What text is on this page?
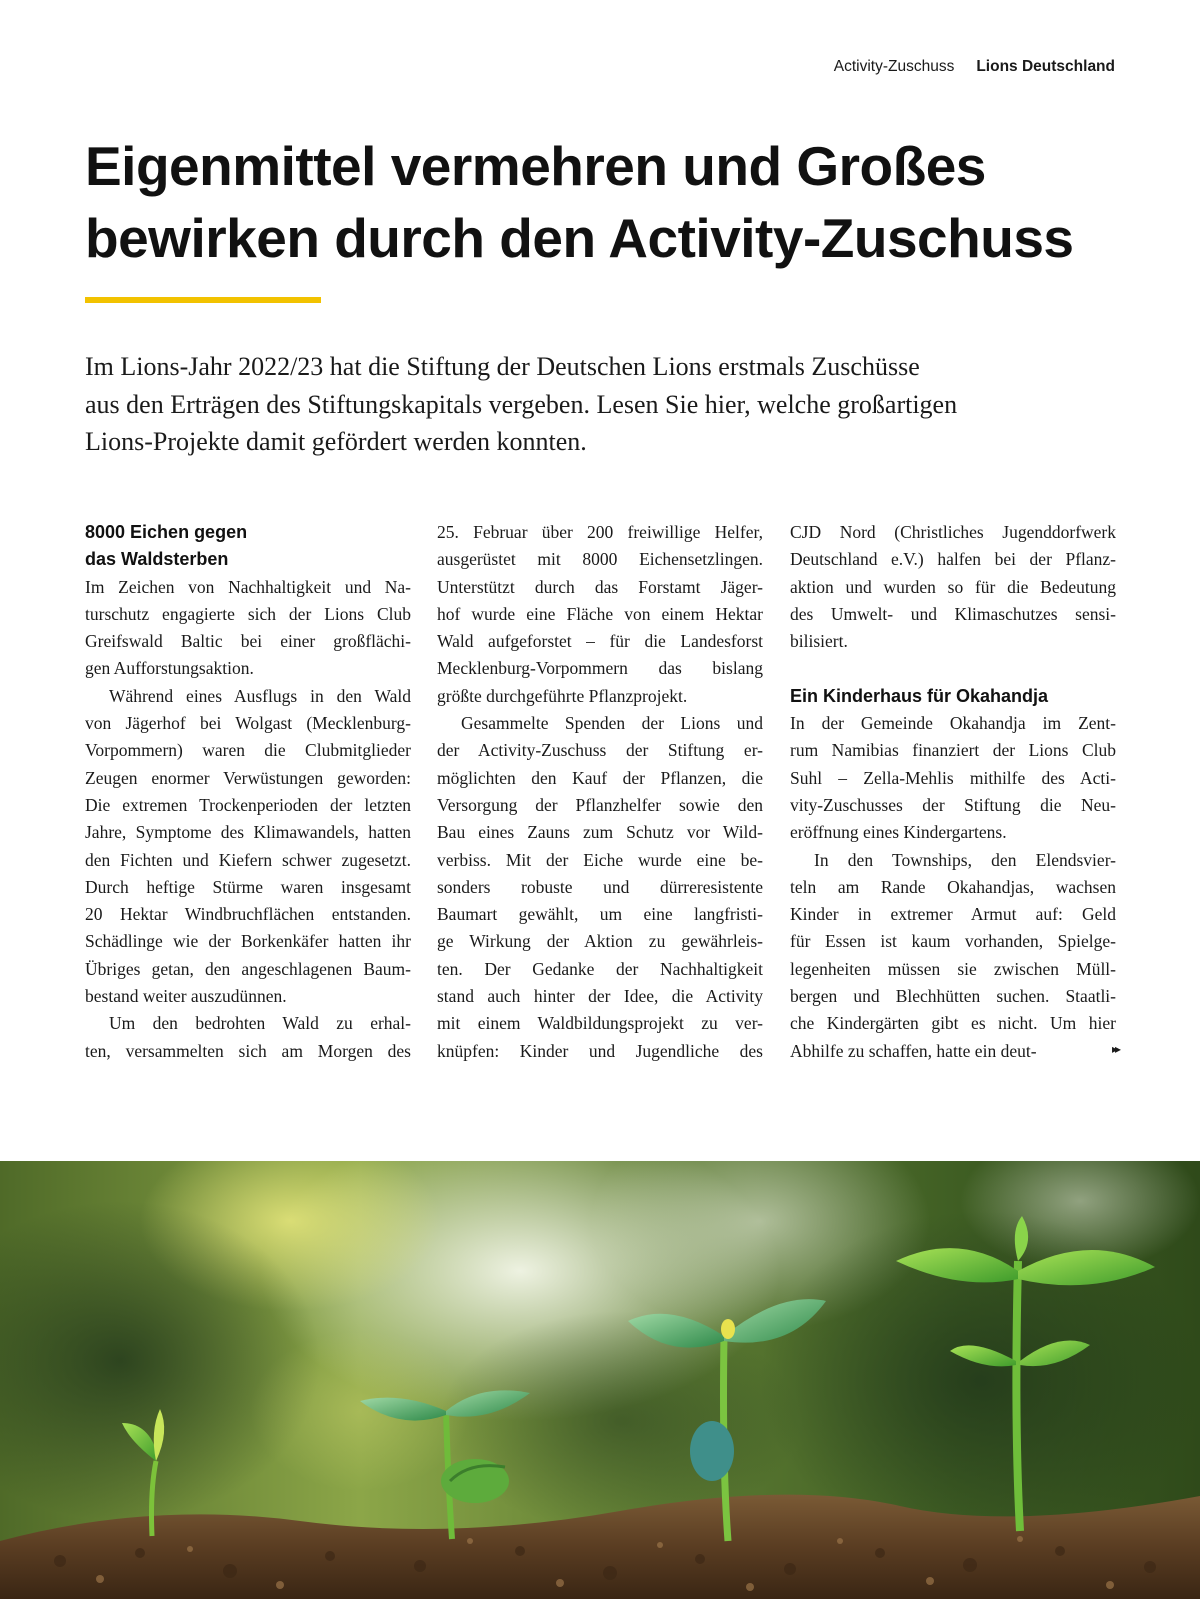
Activity-Zuschuss Lions Deutschland
Eigenmittel vermehren und Großes
bewirken durch den Activity-Zuschuss

Im Lions-Jahr 2022/23 hat die Stiftung der Deutschen Lions erstmals Zuschüsse
aus den Erträgen des Stiftungskapitals vergeben. Lesen Sie hier, welche großartigen
Lions-Projekte damit gefördert werden konnten.

8000 Eichen gegen
das Waldsterben
Im Zeichen von Nachhaltigkeit und Na-
turschutz engagierte sich der Lions Club
Greifswald Baltic bei einer großflächi-
gen Aufforstungsaktion.
Während eines Ausflugs in den Wald
von Jägerhof bei Wolgast (Mecklenburg-
Vorpommern) waren die Clubmitglieder
Zeugen enormer Verwüstungen geworden:
Die extremen Trockenperioden der letzten
Jahre, Symptome des Klimawandels, hatten
den Fichten und Kiefern schwer zugesetzt.
Durch heftige Stürme waren insgesamt
20 Hektar Windbruchflächen entstanden.
Schädlinge wie der Borkenkäfer hatten ihr
Übriges getan, den angeschlagenen Baum-
bestand weiter auszudünnen.
Um den bedrohten Wald zu erhal-
ten, versammelten sich am Morgen des
25. Februar über 200 freiwillige Helfer,
ausgerüstet mit 8000 Eichensetzlingen.
Unterstützt durch das Forstamt Jäger-
hof wurde eine Fläche von einem Hektar
Wald aufgeforstet – für die Landesforst
Mecklenburg-Vorpommern das bislang
größte durchgeführte Pflanzprojekt.
Gesammelte Spenden der Lions und
der Activity-Zuschuss der Stiftung er-
möglichten den Kauf der Pflanzen, die
Versorgung der Pflanzhelfer sowie den
Bau eines Zauns zum Schutz vor Wild-
verbiss. Mit der Eiche wurde eine be-
sonders robuste und dürreresistente
Baumart gewählt, um eine langfristi-
ge Wirkung der Aktion zu gewährleis-
ten. Der Gedanke der Nachhaltigkeit
stand auch hinter der Idee, die Activity
mit einem Waldbildungsprojekt zu ver-
knüpfen: Kinder und Jugendliche des
CJD Nord (Christliches Jugenddorfwerk
Deutschland e.V.) halfen bei der Pflanz-
aktion und wurden so für die Bedeutung
des Umwelt- und Klimaschutzes sensi-
bilisiert.
Ein Kinderhaus für Okahandja
In der Gemeinde Okahandja im Zent-
rum Namibias finanziert der Lions Club
Suhl – Zella-Mehlis mithilfe des Acti-
vity-Zuschusses der Stiftung die Neu-
eröffnung eines Kindergartens.
In den Townships, den Elendsvier-
teln am Rande Okahandjas, wachsen
Kinder in extremer Armut auf: Geld
für Essen ist kaum vorhanden, Spielge-
legenheiten müssen sie zwischen Müll-
bergen und Blechhütten suchen. Staatli-
che Kindergärten gibt es nicht. Um hier
Abhilfe zu schaffen, hatte ein deut-	▸▸
